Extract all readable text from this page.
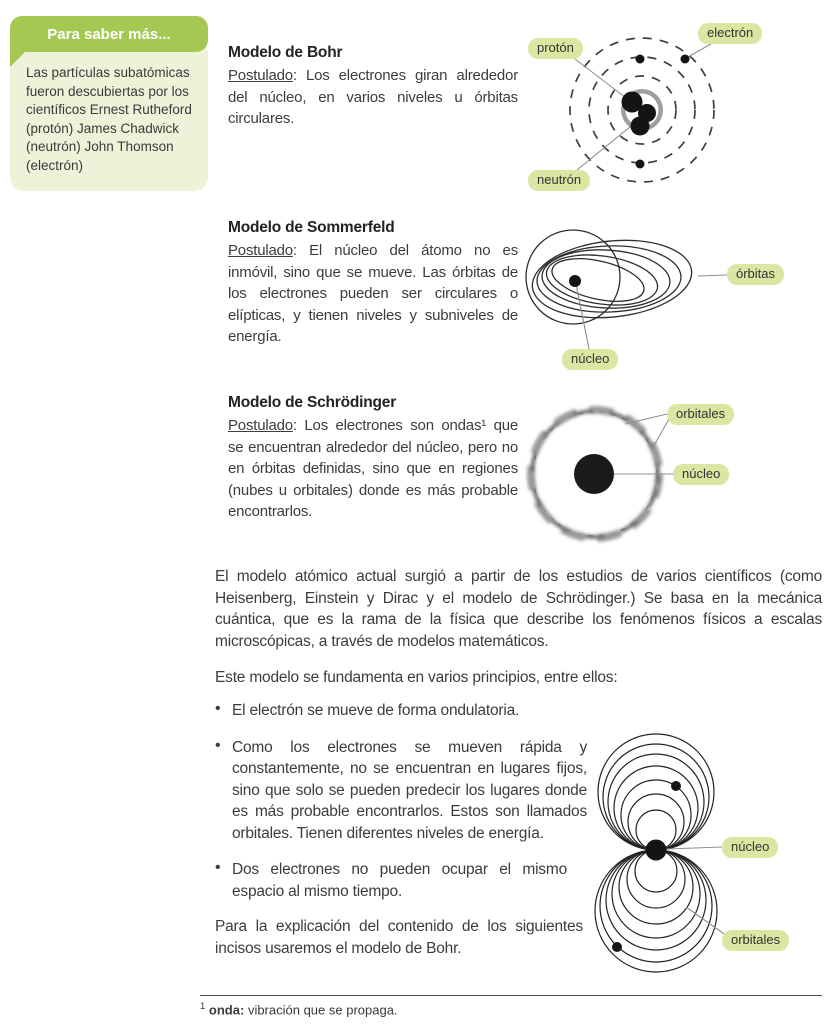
Para saber más...
Las partículas subatómicas fueron descubiertas por los científicos Ernest Rutheford (protón) James Chadwick (neutrón) John Thomson (electrón)
Modelo de Bohr

Postulado: Los electrones giran alrededor del núcleo, en varios niveles u órbitas circulares.

protón
electrón
neutrón
Modelo de Sommerfeld

Postulado: El núcleo del átomo no es inmóvil, sino que se mueve. Las órbitas de los electrones pueden ser circulares o elípticas, y tienen niveles y subniveles de energía.

órbitas
núcleo
Modelo de Schrödinger

Postulado: Los electrones son ondas¹ que se encuentran alrededor del núcleo, pero no en órbitas definidas, sino que en regiones (nubes u orbitales) donde es más probable encontrarlos.

orbitales
núcleo

El modelo atómico actual surgió a partir de los estudios de varios científicos (como Heisenberg, Einstein y Dirac y el modelo de Schrödinger.) Se basa en la mecánica cuántica, que es la rama de la física que describe los fenómenos físicos a escalas microscópicas, a través de modelos matemáticos.

Este modelo se fundamenta en varios principios, entre ellos:

• El electrón se mueve de forma ondulatoria.

• Como los electrones se mueven rápida y constantemente, no se encuentran en lugares fijos, sino que solo se pueden predecir los lugares donde es más probable encontrarlos. Estos son llamados orbitales. Tienen diferentes niveles de energía.

• Dos electrones no pueden ocupar el mismo espacio al mismo tiempo.

Para la explicación del contenido de los siguientes incisos usaremos el modelo de Bohr.

núcleo
orbitales

$^1$ onda: vibración que se propaga.
